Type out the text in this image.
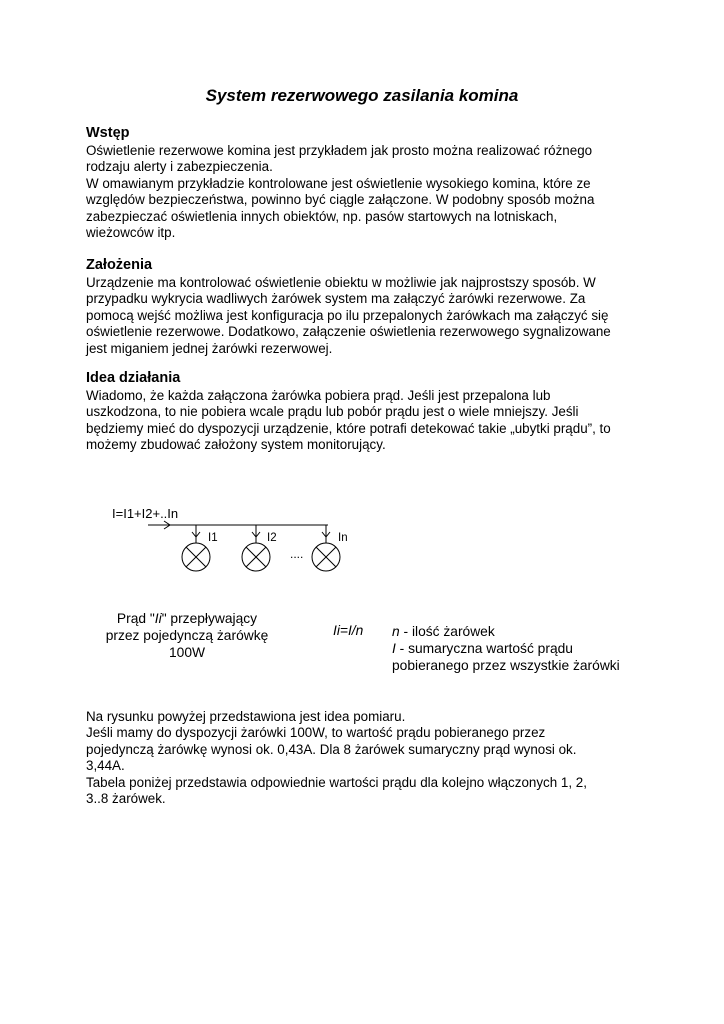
System rezerwowego zasilania komina
Wstęp

Oświetlenie rezerwowe komina jest przykładem jak prosto można realizować różnego
rodzaju alerty i zabezpieczenia.
W omawianym przykładzie kontrolowane jest oświetlenie wysokiego komina, które ze
względów bezpieczeństwa, powinno być ciągle załączone. W podobny sposób można
zabezpieczać oświetlenia innych obiektów, np. pasów startowych na lotniskach,
wieżowców itp.

Założenia

Urządzenie ma kontrolować oświetlenie obiektu w możliwie jak najprostszy sposób. W
przypadku wykrycia wadliwych żarówek system ma załączyć żarówki rezerwowe. Za
pomocą wejść możliwa jest konfiguracja po ilu przepalonych żarówkach ma załączyć się
oświetlenie rezerwowe. Dodatkowo, załączenie oświetlenia rezerwowego sygnalizowane
jest miganiem jednej żarówki rezerwowej.

Idea działania

Wiadomo, że każda załączona żarówka pobiera prąd. Jeśli jest przepalona lub
uszkodzona, to nie pobiera wcale prądu lub pobór prądu jest o wiele mniejszy. Jeśli
będziemy mieć do dyspozycji urządzenie, które potrafi detekować takie „ubytki prądu”, to
możemy zbudować założony system monitorujący.

I=I1+I2+..In
I1	I2
....
In
Prąd "Ii" przepływający
przez pojedynczą żarówkę
100W
Ii=I/n n - ilość żarówek
I - sumaryczna wartość prądu
pobieranego przez wszystkie żarówki

Na rysunku powyżej przedstawiona jest idea pomiaru.
Jeśli mamy do dyspozycji żarówki 100W, to wartość prądu pobieranego przez
pojedynczą żarówkę wynosi ok. 0,43A. Dla 8 żarówek sumaryczny prąd wynosi ok.
3,44A.
Tabela poniżej przedstawia odpowiednie wartości prądu dla kolejno włączonych 1, 2,
3..8 żarówek.
